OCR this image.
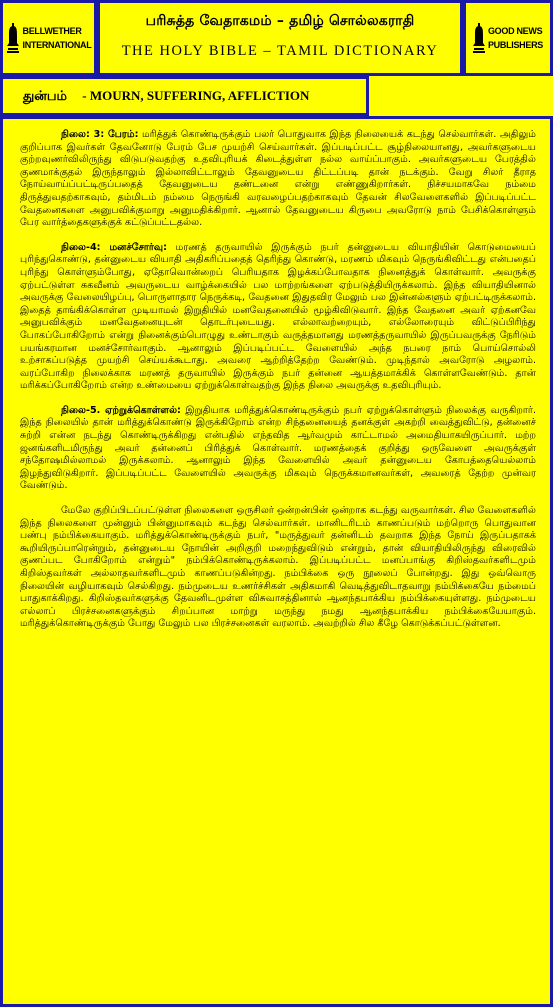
BELLWETHER
INTERNATIONAL
பரிசுத்த வேதாகமம் – தமிழ் சொல்லகராதி
THE HOLY BIBLE – TAMIL DICTIONARY
GOOD NEWS
PUBLISHERS
துன்பம் - MOURN, SUFFERING, AFFLICTION

நிலை: 3: பேரம்: மரித்துக் கொண்டிருக்கும் பலர் பொதுவாக இந்த நிலையைக் கடந்து செல்வார்கள். அதிலும் குறிப்பாக இவர்கள் தேவனோடு பேரம் பேச முயற்சி செய்வார்கள். இப்படிப்பட்ட சூழ்நிலையானது, அவர்களுடைய குற்றவுணர்விலிருந்து விடுபடுவதற்கு உதவிபுரியக் கிடைத்துள்ள நல்ல வாய்ப்பாகும். அவர்களுடைய பேரத்தில் குணமாக்குதல் இருந்தாலும் இல்லாவிட்டாலும் தேவனுடைய திட்டப்படி தான் நடக்கும். வேறு சிலர் தீராத நோய்வாய்ப்பட்டிருப்பதைத் தேவனுடைய தண்டனை என்று எண்ணுகிறார்கள். நிச்சயமாகவே நம்மை திருத்துவதற்காகவும், தம்மிடம் நம்மை நெருங்கி வரவழைப்பதற்காகவும் தேவன் சிலவேளைகளில் இப்படிப்பட்ட வேதனைகளை அனுபவிக்குமாறு அனுமதிக்கிறார். ஆனால் தேவனுடைய கிருபை அவரோடு நாம் பேசிக்கொள்ளும் பேர வார்த்தைகளுக்குக் கட்டுப்பட்டதல்ல.

நிலை-4: மனச்சோர்வு: மரணத் தருவாயில் இருக்கும் நபர் தன்னுடைய வியாதியின் கொடுமையைப் புரிந்துகொண்டு, தன்னுடைய வியாதி அதிகரிப்பதைத் தெரிந்து கொண்டு, மரணம் மிகவும் நெருங்கிவிட்டது என்பதைப் புரிந்து கொள்ளும்போது, ஏதோவொன்றைப் பெரியதாக இழக்கப்போவதாக நினைத்துக் கொள்வார். அவருக்கு ஏற்பட்டுள்ள சுகவீனம் அவருடைய வாழ்க்கையில் பல மாற்றங்களை ஏற்படுத்தியிருக்கலாம். இந்த வியாதியினால் அவருக்கு வேலையிழப்பு, பொருளாதார நெருக்கடி, வேதனை இதுதவிர மேலும் பல இன்னல்களும் ஏற்பட்டிருக்கலாம். இதைத் தாங்கிக்கொள்ள முடியாமல் இறுதியில் மனவேதனையில் மூழ்கிவிடுவார். இந்த வேதனை அவர் ஏற்கனவே அனுபவிக்கும் மனவேதனையுடன் தொடர்புடையது. எல்லாவற்றையும், எல்லோரையும் விட்டுப்பிரிந்து போகப்போகிறோம் என்று நினைக்கும்பொழுது உண்டாகும் வருத்தமானது மரணத்தருவாயில் இருப்பவருக்கு நேரிடும் பயங்கரமான மனச்சோர்வாகும். ஆனாலும் இப்படிப்பட்ட வேளையில் அந்த நபரை நாம் பொய்சொல்லி உற்சாகப்படுத்த முயற்சி செய்யக்கூடாது. அவரை ஆற்றித்தேற்ற வேண்டும். முடிந்தால் அவரோடு அழலாம். வரப்போகிற நிலைக்காக மரணத் தருவாயில் இருக்கும் நபர் தன்னை ஆயத்தமாக்கிக் கொள்ளவேண்டும். தான் மரிக்கப்போகிறோம் என்ற உண்மையை ஏற்றுக்கொள்வதற்கு இந்த நிலை அவருக்கு உதவிபுரியும்.

நிலை-5. ஏற்றுக்கொள்ளல்: இறுதியாக மரித்துக்கொண்டிருக்கும் நபர் ஏற்றுக்கொள்ளும் நிலைக்கு வருகிறார். இந்த நிலையில் தான் மரித்துக்கொண்டு இருக்கிறோம் என்ற சிந்தனையைத் தனக்குள் அகற்றி வைத்துவிட்டு, தன்னைச் சுற்றி என்ன நடந்து கொண்டிருக்கிறது என்பதில் எந்தவித ஆர்வமும் காட்டாமல் அமைதியாகயிருப்பார். மற்ற ஜனங்களிடமிருந்து அவர் தன்னைப் பிரித்துக் கொள்வார். மரணத்தைக் குறித்து ஒருவேளை அவருக்குள் சந்தோஷமில்லாமல் இருக்கலாம். ஆனாலும் இந்த வேளையில் அவர் தன்னுடைய கோபத்தையெல்லாம் இழந்துவிடுகிறார். இப்படிப்பட்ட வேளையில் அவருக்கு மிகவும் நெருக்கமானவர்கள், அவரைத் தேற்ற முன்வர வேண்டும்.

மேலே குறிப்பிடப்பட்டுள்ள நிலைகளை ஒருசிலர் ஒன்றன்பின் ஒன்றாக கடந்து வருவார்கள். சில வேளைகளில் இந்த நிலைகளை முன்னும் பின்னுமாகவும் கடந்து செல்வார்கள். மானிடரிடம் காணப்படும் மற்றொரு பொதுவான பண்பு நம்பிக்கையாகும். மரித்துக்கொண்டிருக்கும் நபர், "மருத்துவர் தன்னிடம் தவறாக இந்த நோய் இருப்பதாகக் கூறியிருப்பாரென்றும், தன்னுடைய நோயின் அறிகுறி மறைந்துவிடும் என்றும், தான் வியாதியிலிருந்து விரைவில் குணப்பட போகிறோம் என்றும்" நம்பிக்கொண்டிருக்கலாம். இப்படிப்பட்ட மனப்பாங்கு கிறிஸ்தவர்களிடமும் கிறிஸ்தவர்கள் அல்லாதவர்களிடமும் காணப்படுகின்றது. நம்பிக்கை ஒரு நூலைப் போன்றது. இது ஒவ்வொரு நிலையின் வழியாகவும் செல்கிறது. நம்முடைய உணர்ச்சிகள் அதிகமாகி வெடித்துவிடாதவாறு நம்பிக்கையே நம்மைப் பாதுகாக்கிறது. கிறிஸ்தவர்களுக்கு தேவனிடமுள்ள விசுவாசத்தினால் ஆனந்தபாக்கிய நம்பிக்கையுள்ளது. நம்முடைய எல்லாப் பிரச்சனைகளுக்கும் சிறப்பான மாற்று மருந்து நமது ஆனந்தபாக்கிய நம்பிக்கையேயாகும். மரித்துக்கொண்டிருக்கும் போது மேலும் பல பிரச்சனைகள் வரலாம். அவற்றில் சில கீழே கொடுக்கப்பட்டுள்ளன.
